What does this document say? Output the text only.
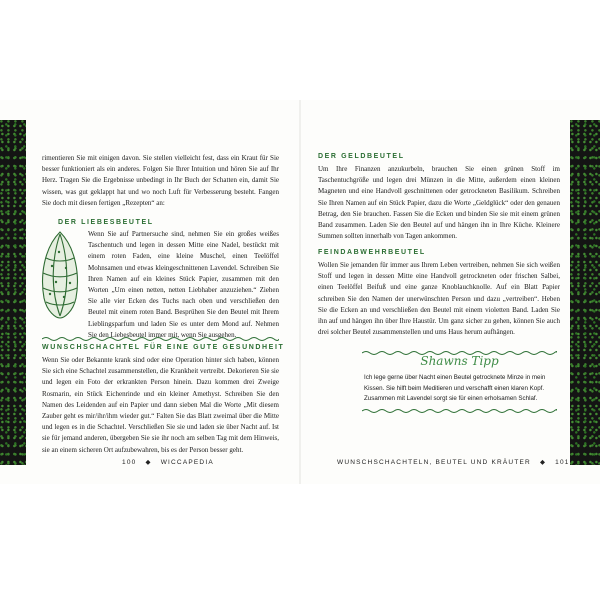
rimentieren Sie mit einigen davon. Sie stellen vielleicht fest, dass ein Kraut für Sie besser funktioniert als ein anderes. Folgen Sie Ihrer Intuition und hören Sie auf Ihr Herz. Tragen Sie die Ergebnisse unbedingt in Ihr Buch der Schatten ein, damit Sie wissen, was gut geklappt hat und wo noch Luft für Verbesserung besteht. Fangen Sie doch mit diesen fertigen „Rezepten“ an:

DER LIEBESBEUTEL

Wenn Sie auf Partnersuche sind, nehmen Sie ein großes weißes Taschentuch und legen in dessen Mitte eine Nadel, bestückt mit einem roten Faden, eine kleine Muschel, einen Teelöffel Mohnsamen und etwas kleingeschnittenen Lavendel. Schreiben Sie Ihren Namen auf ein kleines Stück Papier, zusammen mit den Worten „Um einen netten, netten Liebhaber anzuziehen.“ Ziehen Sie alle vier Ecken des Tuchs nach oben und verschließen den Beutel mit einem roten Band. Besprühen Sie den Beutel mit Ihrem Lieblingsparfum und laden Sie es unter dem Mond auf. Nehmen Sie den Liebesbeutel immer mit, wenn Sie ausgehen.

WUNSCHSCHACHTEL FÜR EINE GUTE GESUNDHEIT

Wenn Sie oder Bekannte krank sind oder eine Operation hinter sich haben, können Sie sich eine Schachtel zusammenstellen, die Krankheit vertreibt. Dekorieren Sie sie und legen ein Foto der erkrankten Person hinein. Dazu kommen drei Zweige Rosmarin, ein Stück Eichenrinde und ein kleiner Amethyst. Schreiben Sie den Namen des Leidenden auf ein Papier und dann sieben Mal die Worte „Mit diesem Zauber geht es mir/ihr/ihm wieder gut.“ Falten Sie das Blatt zweimal über die Mitte und legen es in die Schachtel. Verschließen Sie sie und laden sie über Nacht auf. Ist sie für jemand anderen, übergeben Sie sie ihr noch am selben Tag mit dem Hinweis, sie an einem sicheren Ort aufzubewahren, bis es der Person besser geht.

100   ◆   WICCAPEDIA
DER GELDBEUTEL

Um Ihre Finanzen anzukurbeln, brauchen Sie einen grünen Stoff im Taschentuchgröße und legen drei Münzen in die Mitte, außerdem einen kleinen Magneten und eine Handvoll geschnittenen oder getrockneten Basilikum. Schreiben Sie Ihren Namen auf ein Stück Papier, dazu die Worte „Geldglück“ oder den genauen Betrag, den Sie brauchen. Fassen Sie die Ecken und binden Sie sie mit einem grünen Band zusammen. Laden Sie den Beutel auf und hängen ihn in Ihre Küche. Kleinere Summen sollten innerhalb von Tagen ankommen.

FEINDABWEHRBEUTEL

Wollen Sie jemanden für immer aus Ihrem Leben vertreiben, nehmen Sie sich weißen Stoff und legen in dessen Mitte eine Handvoll getrockneten oder frischen Salbei, einen Teelöffel Beifuß und eine ganze Knoblauchknolle. Auf ein Blatt Papier schreiben Sie den Namen der unerwünschten Person und dazu „vertreiben“. Heben Sie die Ecken an und verschließen den Beutel mit einem violetten Band. Laden Sie ihn auf und hängen ihn über Ihre Haustür. Um ganz sicher zu gehen, können Sie auch drei solcher Beutel zusammenstellen und ums Haus herum aufhängen.

Shawns Tipp
Ich lege gerne über Nacht einen Beutel getrocknete Minze in mein Kissen. Sie hilft beim Meditieren und verschafft einen klaren Kopf. Zusammen mit Lavendel sorgt sie für einen erholsamen Schlaf.
WUNSCHSCHACHTELN, BEUTEL UND KRÄUTER   ◆   101
